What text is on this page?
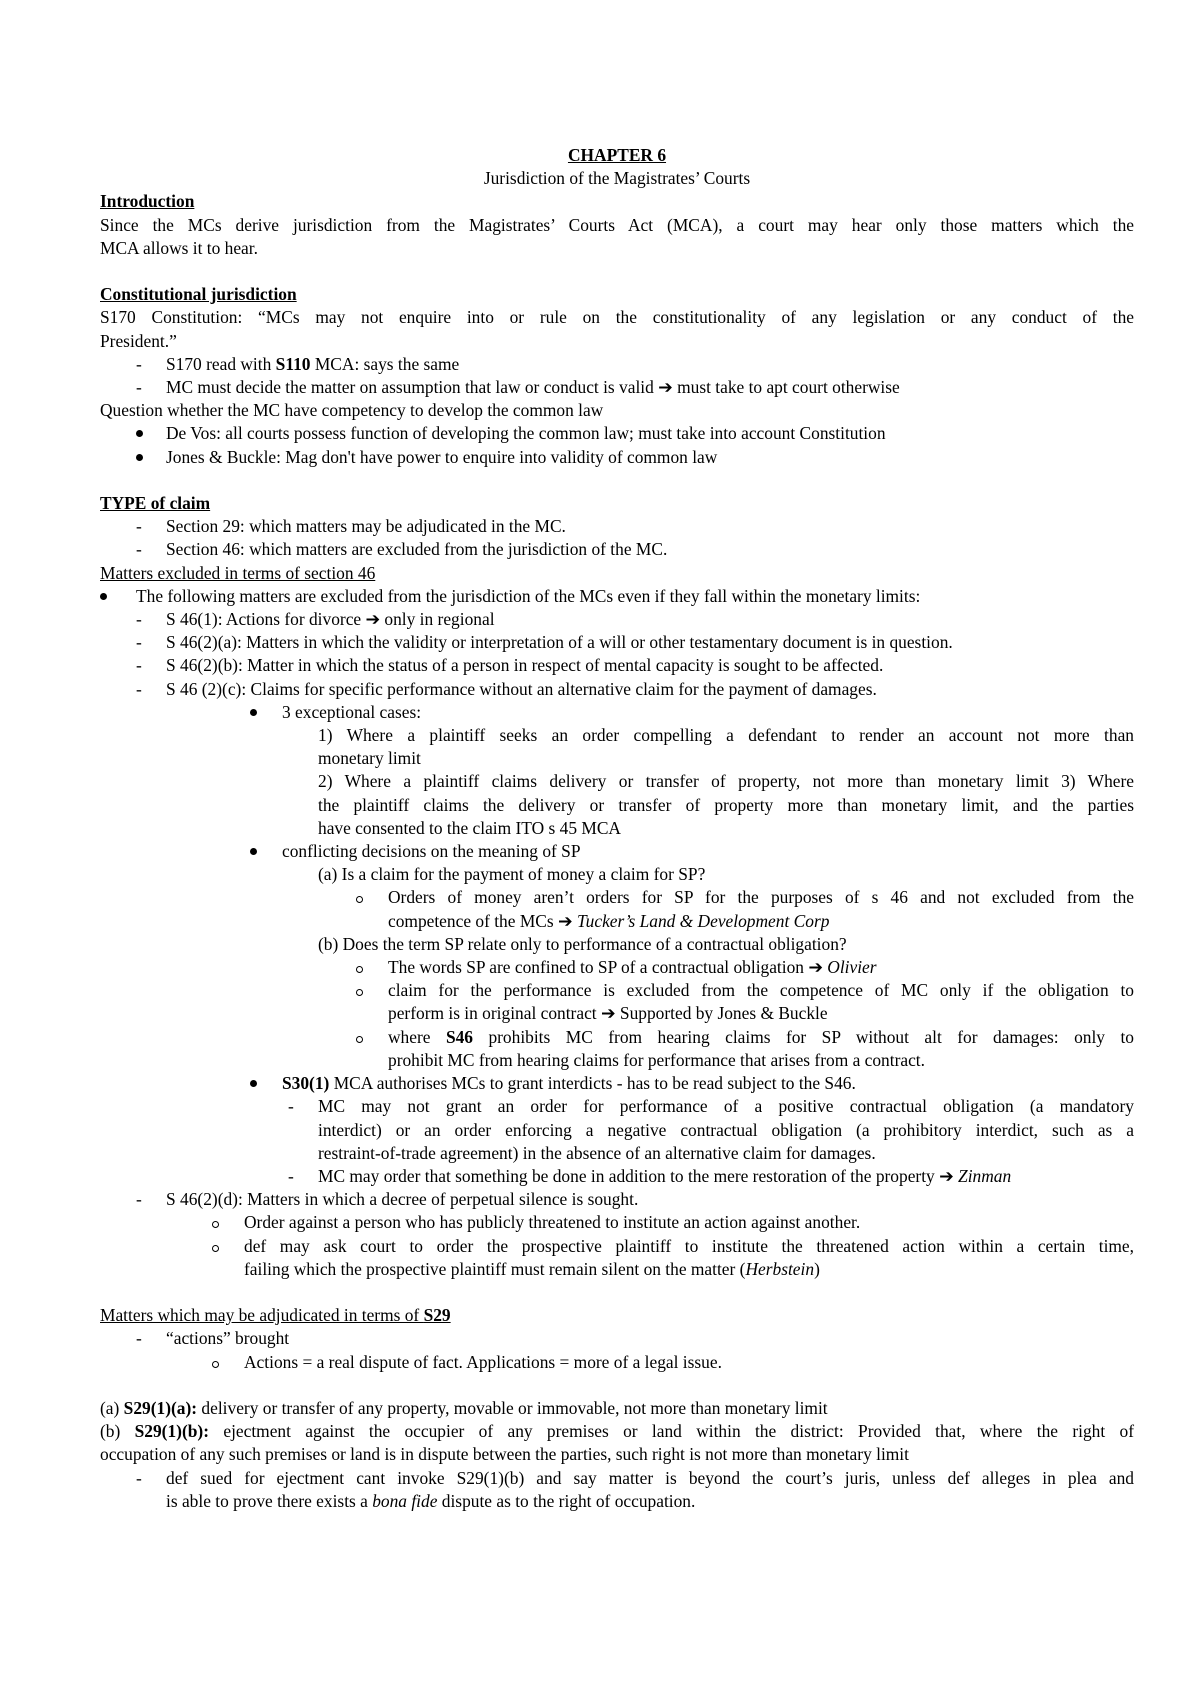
CHAPTER 6
Jurisdiction of the Magistrates’ Courts
Introduction
Since the MCs derive jurisdiction from the Magistrates’ Courts Act (MCA), a court may hear only those matters which the
MCA allows it to hear.
Constitutional jurisdiction
S170 Constitution: “MCs may not enquire into or rule on the constitutionality of any legislation or any conduct of the
President.”
- S170 read with S110 MCA: says the same
- MC must decide the matter on assumption that law or conduct is valid ➔ must take to apt court otherwise
Question whether the MC have competency to develop the common law
De Vos: all courts possess function of developing the common law; must take into account Constitution
Jones & Buckle: Mag don't have power to enquire into validity of common law
TYPE of claim
- Section 29: which matters may be adjudicated in the MC.
- Section 46: which matters are excluded from the jurisdiction of the MC.
Matters excluded in terms of section 46
The following matters are excluded from the jurisdiction of the MCs even if they fall within the monetary limits:
- S 46(1): Actions for divorce ➔ only in regional
- S 46(2)(a): Matters in which the validity or interpretation of a will or other testamentary document is in question.
- S 46(2)(b): Matter in which the status of a person in respect of mental capacity is sought to be affected.
- S 46 (2)(c): Claims for specific performance without an alternative claim for the payment of damages.
3 exceptional cases:
1) Where a plaintiff seeks an order compelling a defendant to render an account not more than
monetary limit
2) Where a plaintiff claims delivery or transfer of property, not more than monetary limit 3) Where
the plaintiff claims the delivery or transfer of property more than monetary limit, and the parties
have consented to the claim ITO s 45 MCA
conflicting decisions on the meaning of SP
(a) Is a claim for the payment of money a claim for SP?
Orders of money aren’t orders for SP for the purposes of s 46 and not excluded from the
competence of the MCs ➔ Tucker’s Land & Development Corp
(b) Does the term SP relate only to performance of a contractual obligation?
The words SP are confined to SP of a contractual obligation ➔ Olivier
claim for the performance is excluded from the competence of MC only if the obligation to
perform is in original contract ➔ Supported by Jones & Buckle
where S46 prohibits MC from hearing claims for SP without alt for damages: only to
prohibit MC from hearing claims for performance that arises from a contract.
S30(1) MCA authorises MCs to grant interdicts - has to be read subject to the S46.
- MC may not grant an order for performance of a positive contractual obligation (a mandatory
interdict) or an order enforcing a negative contractual obligation (a prohibitory interdict, such as a
restraint-of-trade agreement) in the absence of an alternative claim for damages.
- MC may order that something be done in addition to the mere restoration of the property ➔ Zinman
- S 46(2)(d): Matters in which a decree of perpetual silence is sought.
Order against a person who has publicly threatened to institute an action against another.
def may ask court to order the prospective plaintiff to institute the threatened action within a certain time,
failing which the prospective plaintiff must remain silent on the matter (Herbstein)
Matters which may be adjudicated in terms of S29
- “actions” brought
Actions = a real dispute of fact. Applications = more of a legal issue.
(a) S29(1)(a): delivery or transfer of any property, movable or immovable, not more than monetary limit
(b) S29(1)(b): ejectment against the occupier of any premises or land within the district: Provided that, where the right of
occupation of any such premises or land is in dispute between the parties, such right is not more than monetary limit
- def sued for ejectment cant invoke S29(1)(b) and say matter is beyond the court’s juris, unless def alleges in plea and
is able to prove there exists a bona fide dispute as to the right of occupation.
